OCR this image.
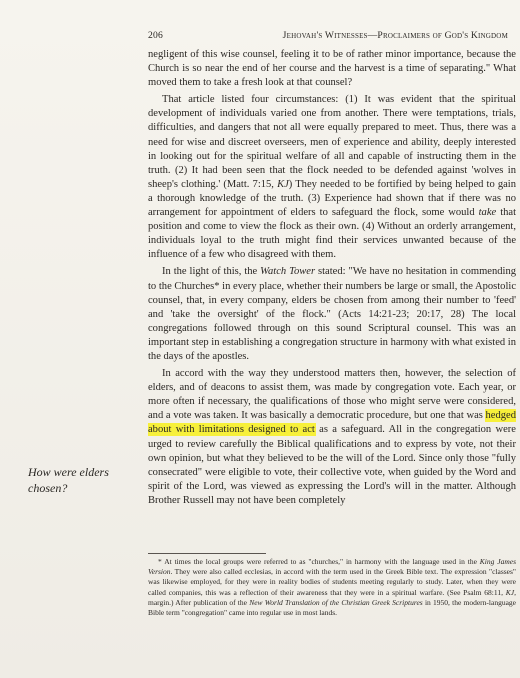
206	Jehovah's Witnesses—Proclaimers of God's Kingdom
How were elders chosen?

negligent of this wise counsel, feeling it to be of rather minor importance, because the Church is so near the end of her course and the harvest is a time of separating." What moved them to take a fresh look at that counsel?

That article listed four circumstances: (1) It was evident that the spiritual development of individuals varied one from another. There were temptations, trials, difficulties, and dangers that not all were equally prepared to meet. Thus, there was a need for wise and discreet overseers, men of experience and ability, deeply interested in looking out for the spiritual welfare of all and capable of instructing them in the truth. (2) It had been seen that the flock needed to be defended against 'wolves in sheep's clothing.' (Matt. 7:15, KJ) They needed to be fortified by being helped to gain a thorough knowledge of the truth. (3) Experience had shown that if there was no arrangement for appointment of elders to safeguard the flock, some would take that position and come to view the flock as their own. (4) Without an orderly arrangement, individuals loyal to the truth might find their services unwanted because of the influence of a few who disagreed with them.

In the light of this, the Watch Tower stated: "We have no hesitation in commending to the Churches* in every place, whether their numbers be large or small, the Apostolic counsel, that, in every company, elders be chosen from among their number to 'feed' and 'take the oversight' of the flock." (Acts 14:21-23; 20:17, 28) The local congregations followed through on this sound Scriptural counsel. This was an important step in establishing a congregation structure in harmony with what existed in the days of the apostles.

In accord with the way they understood matters then, however, the selection of elders, and of deacons to assist them, was made by congregation vote. Each year, or more often if necessary, the qualifications of those who might serve were considered, and a vote was taken. It was basically a democratic procedure, but one that was hedged about with limitations designed to act as a safeguard. All in the congregation were urged to review carefully the Biblical qualifications and to express by vote, not their own opinion, but what they believed to be the will of the Lord. Since only those "fully consecrated" were eligible to vote, their collective vote, when guided by the Word and spirit of the Lord, was viewed as expressing the Lord's will in the matter. Although Brother Russell may not have been completely

* At times the local groups were referred to as "churches," in harmony with the language used in the King James Version. They were also called ecclesias, in accord with the term used in the Greek Bible text. The expression "classes" was likewise employed, for they were in reality bodies of students meeting regularly to study. Later, when they were called companies, this was a reflection of their awareness that they were in a spiritual warfare. (See Psalm 68:11, KJ, margin.) After publication of the New World Translation of the Christian Greek Scriptures in 1950, the modern-language Bible term "congregation" came into regular use in most lands.
